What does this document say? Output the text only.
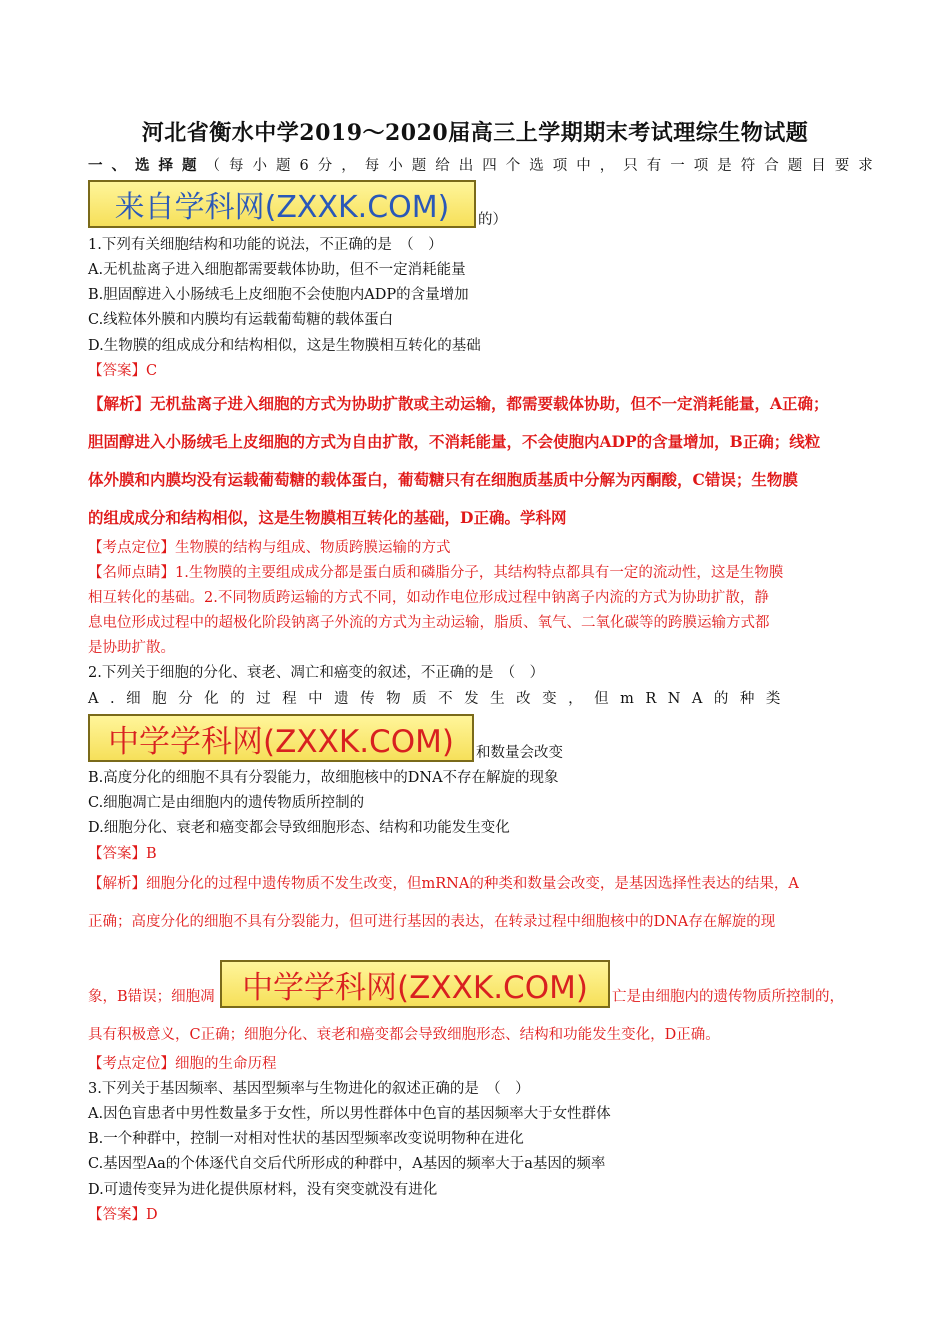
河北省衡水中学2019～2020届高三上学期期末考试理综生物试题
一、选择题（每小题6分，每小题给出四个选项中，只有一项是符合题目要求
来自学科网(ZXXK.COM)	的）
1.下列有关细胞结构和功能的说法，不正确的是　（　）
A.无机盐离子进入细胞都需要载体协助，但不一定消耗能量
B.胆固醇进入小肠绒毛上皮细胞不会使胞内ADP的含量增加
C.线粒体外膜和内膜均有运载葡萄糖的载体蛋白
D.生物膜的组成成分和结构相似，这是生物膜相互转化的基础
【答案】C
【解析】无机盐离子进入细胞的方式为协助扩散或主动运输，都需要载体协助，但不一定消耗能量，A正确；
胆固醇进入小肠绒毛上皮细胞的方式为自由扩散，不消耗能量，不会使胞内ADP的含量增加，B正确；线粒
体外膜和内膜均没有运载葡萄糖的载体蛋白，葡萄糖只有在细胞质基质中分解为丙酮酸，C错误；生物膜
的组成成分和结构相似，这是生物膜相互转化的基础，D正确。学科网
【考点定位】生物膜的结构与组成、物质跨膜运输的方式
【名师点睛】1.生物膜的主要组成成分都是蛋白质和磷脂分子，其结构特点都具有一定的流动性，这是生物膜
相互转化的基础。2.不同物质跨运输的方式不同，如动作电位形成过程中钠离子内流的方式为协助扩散，静
息电位形成过程中的超极化阶段钠离子外流的方式为主动运输，脂质、氧气、二氧化碳等的跨膜运输方式都
是协助扩散。
2.下列关于细胞的分化、衰老、凋亡和癌变的叙述，不正确的是　（　）
A.细胞分化的过程中遗传物质不发生改变，但mRNA的种类
中学学科网(ZXXK.COM)	和数量会改变
B.高度分化的细胞不具有分裂能力，故细胞核中的DNA不存在解旋的现象
C.细胞凋亡是由细胞内的遗传物质所控制的
D.细胞分化、衰老和癌变都会导致细胞形态、结构和功能发生变化
【答案】B
【解析】细胞分化的过程中遗传物质不发生改变，但mRNA的种类和数量会改变，是基因选择性表达的结果，A
正确；高度分化的细胞不具有分裂能力，但可进行基因的表达，在转录过程中细胞核中的DNA存在解旋的现
象，B错误；细胞凋 中学学科网(ZXXK.COM)	亡是由细胞内的遗传物质所控制的，
具有积极意义，C正确；细胞分化、衰老和癌变都会导致细胞形态、结构和功能发生变化，D正确。
【考点定位】细胞的生命历程
3.下列关于基因频率、基因型频率与生物进化的叙述正确的是　（　）
A.因色盲患者中男性数量多于女性，所以男性群体中色盲的基因频率大于女性群体
B.一个种群中，控制一对相对性状的基因型频率改变说明物种在进化
C.基因型Aa的个体逐代自交后代所形成的种群中，A基因的频率大于a基因的频率
D.可遗传变异为进化提供原材料，没有突变就没有进化
【答案】D
